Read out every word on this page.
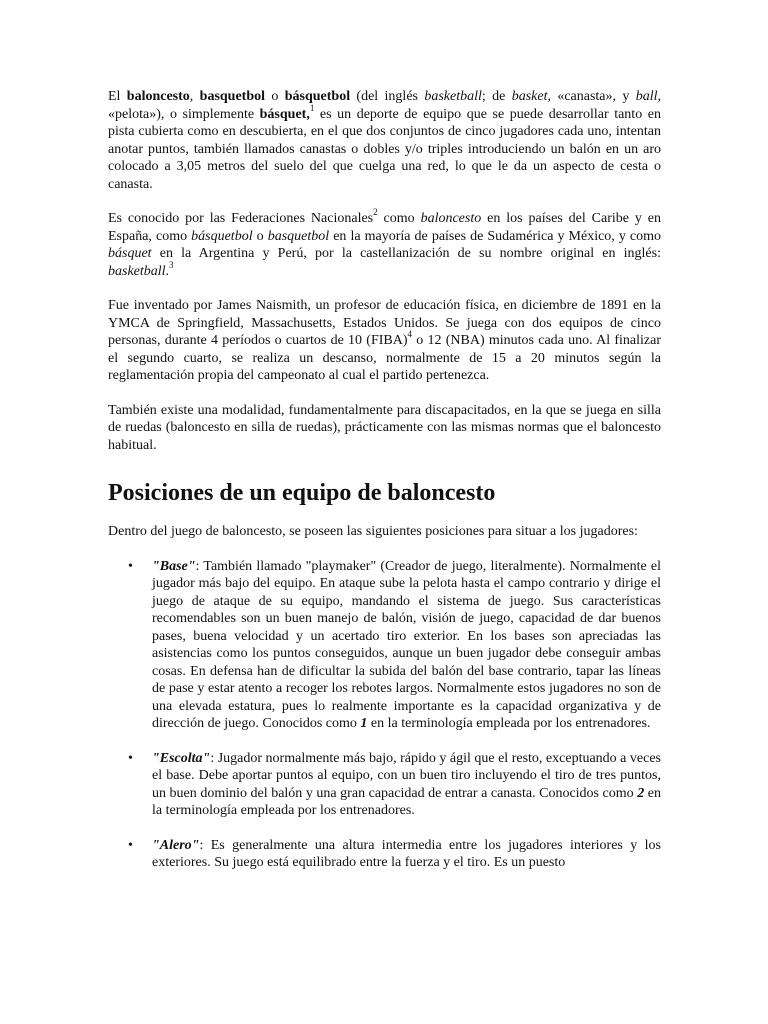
El baloncesto, basquetbol o básquetbol (del inglés basketball; de basket, «canasta», y ball, «pelota»), o simplemente básquet,$^1$ es un deporte de equipo que se puede desarrollar tanto en pista cubierta como en descubierta, en el que dos conjuntos de cinco jugadores cada uno, intentan anotar puntos, también llamados canastas o dobles y/o triples introduciendo un balón en un aro colocado a 3,05 metros del suelo del que cuelga una red, lo que le da un aspecto de cesta o canasta.

Es conocido por las Federaciones Nacionales$^2$ como baloncesto en los países del Caribe y en España, como básquetbol o basquetbol en la mayoría de países de Sudamérica y México, y como básquet en la Argentina y Perú, por la castellanización de su nombre original en inglés: basketball.$^3$

Fue inventado por James Naismith, un profesor de educación física, en diciembre de 1891 en la YMCA de Springfield, Massachusetts, Estados Unidos. Se juega con dos equipos de cinco personas, durante 4 períodos o cuartos de 10 (FIBA)$^4$ o 12 (NBA) minutos cada uno. Al finalizar el segundo cuarto, se realiza un descanso, normalmente de 15 a 20 minutos según la reglamentación propia del campeonato al cual el partido pertenezca.

También existe una modalidad, fundamentalmente para discapacitados, en la que se juega en silla de ruedas (baloncesto en silla de ruedas), prácticamente con las mismas normas que el baloncesto habitual.

Posiciones de un equipo de baloncesto

Dentro del juego de baloncesto, se poseen las siguientes posiciones para situar a los jugadores:

• "Base": También llamado "playmaker" (Creador de juego, literalmente). Normalmente el jugador más bajo del equipo. En ataque sube la pelota hasta el campo contrario y dirige el juego de ataque de su equipo, mandando el sistema de juego. Sus características recomendables son un buen manejo de balón, visión de juego, capacidad de dar buenos pases, buena velocidad y un acertado tiro exterior. En los bases son apreciadas las asistencias como los puntos conseguidos, aunque un buen jugador debe conseguir ambas cosas. En defensa han de dificultar la subida del balón del base contrario, tapar las líneas de pase y estar atento a recoger los rebotes largos. Normalmente estos jugadores no son de una elevada estatura, pues lo realmente importante es la capacidad organizativa y de dirección de juego. Conocidos como 1 en la terminología empleada por los entrenadores.
• "Escolta": Jugador normalmente más bajo, rápido y ágil que el resto, exceptuando a veces el base. Debe aportar puntos al equipo, con un buen tiro incluyendo el tiro de tres puntos, un buen dominio del balón y una gran capacidad de entrar a canasta. Conocidos como 2 en la terminología empleada por los entrenadores.
• "Alero": Es generalmente una altura intermedia entre los jugadores interiores y los exteriores. Su juego está equilibrado entre la fuerza y el tiro. Es un puesto
